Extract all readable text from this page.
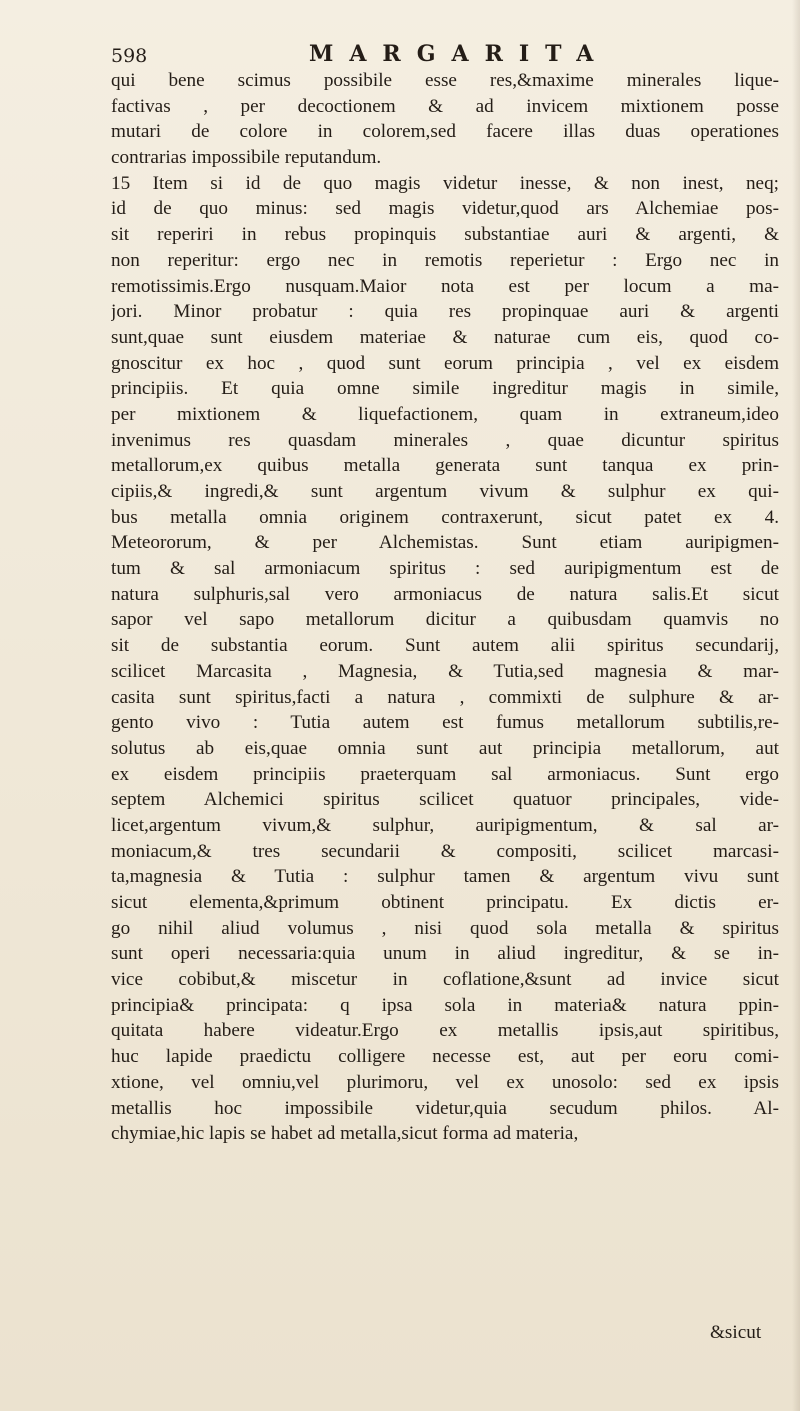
598	MARGARITA
qui bene scimus possibile esse res,&maxime minerales lique-
factivas , per decoctionem & ad invicem mixtionem posse
mutari de colore in colorem,sed facere illas duas operationes
contrarias impossibile reputandum.
15 Item si id de quo magis videtur inesse, & non inest, neq;
id de quo minus: sed magis videtur,quod ars Alchemiae pos-
sit reperiri in rebus propinquis substantiae auri & argenti, &
non reperitur: ergo nec in remotis reperietur : Ergo nec in
remotissimis.Ergo nusquam.Maior nota est per locum a ma-
jori. Minor probatur : quia res propinquae auri & argenti
sunt,quae sunt eiusdem materiae & naturae cum eis, quod co-
gnoscitur ex hoc , quod sunt eorum principia , vel ex eisdem
principiis. Et quia omne simile ingreditur magis in simile,
per mixtionem & liquefactionem, quam in extraneum,ideo
invenimus res quasdam minerales , quae dicuntur spiritus
metallorum,ex quibus metalla generata sunt tanqua ex prin-
cipiis,& ingredi,& sunt argentum vivum & sulphur ex qui-
bus metalla omnia originem contraxerunt, sicut patet ex 4.
Meteororum, & per Alchemistas. Sunt etiam auripigmen-
tum & sal armoniacum spiritus : sed auripigmentum est de
natura sulphuris,sal vero armoniacus de natura salis.Et sicut
sapor vel sapo metallorum dicitur a quibusdam quamvis no
sit de substantia eorum. Sunt autem alii spiritus secundarij,
scilicet Marcasita , Magnesia, & Tutia,sed magnesia & mar-
casita sunt spiritus,facti a natura , commixti de sulphure & ar-
gento vivo : Tutia autem est fumus metallorum subtilis,re-
solutus ab eis,quae omnia sunt aut principia metallorum, aut
ex eisdem principiis praeterquam sal armoniacus. Sunt ergo
septem Alchemici spiritus scilicet quatuor principales, vide-
licet,argentum vivum,& sulphur, auripigmentum, & sal ar-
moniacum,& tres secundarii & compositi, scilicet marcasi-
ta,magnesia & Tutia : sulphur tamen & argentum vivu sunt
sicut elementa,&primum obtinent principatu. Ex dictis er-
go nihil aliud volumus , nisi quod sola metalla & spiritus
sunt operi necessaria:quia unum in aliud ingreditur, & se in-
vice cobibut,& miscetur in coflatione,&sunt ad invice sicut
principia& principata: q ipsa sola in materia& natura ppin-
quitata habere videatur.Ergo ex metallis ipsis,aut spiritibus,
huc lapide praedictu colligere necesse est, aut per eoru comi-
xtione, vel omniu,vel plurimoru, vel ex unosolo: sed ex ipsis
metallis hoc impossibile videtur,quia secudum philos. Al-
chymiae,hic lapis se habet ad metalla,sicut forma ad materia,
&sicut
